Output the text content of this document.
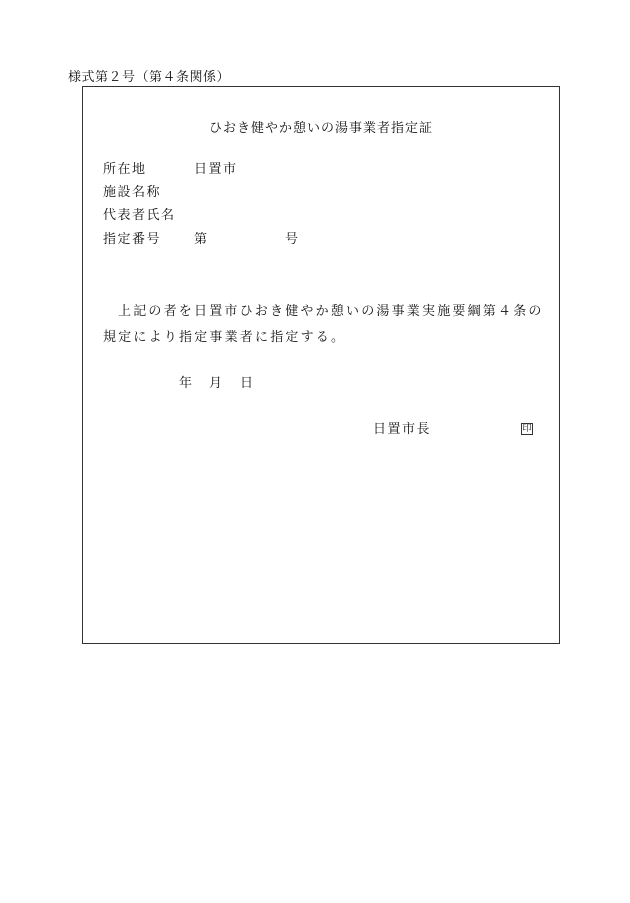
様式第２号（第４条関係）
ひおき健やか憩いの湯事業者指定証
所在地	日置市
施設名称
代表者氏名
指定番号	第	号

上記の者を日置市ひおき健やか憩いの湯事業実施要綱第４条の規定により指定事業者に指定する。

年 月 日
日置市長	印
